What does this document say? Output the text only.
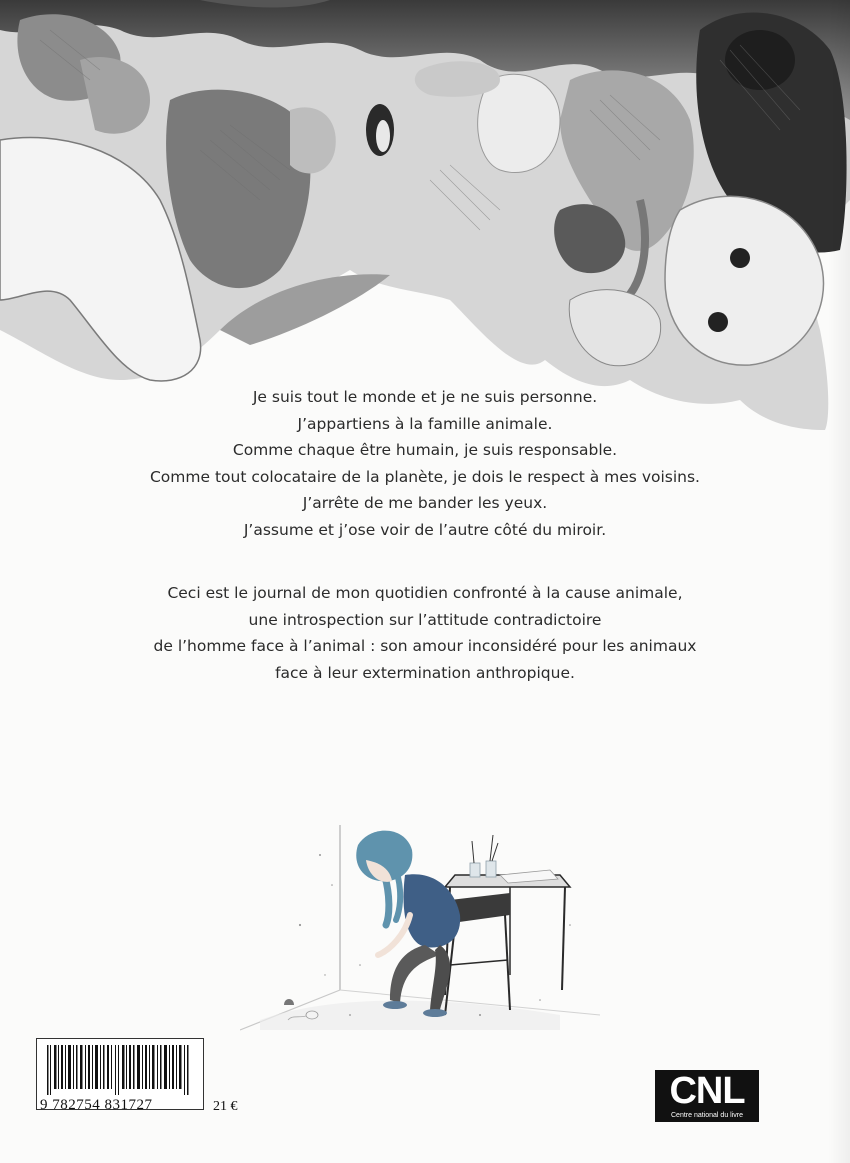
Je suis tout le monde et je ne suis personne.

J’appartiens à la famille animale.

Comme chaque être humain, je suis responsable.

Comme tout colocataire de la planète, je dois le respect à mes voisins.

J’arrête de me bander les yeux.

J’assume et j’ose voir de l’autre côté du miroir.

Ceci est le journal de mon quotidien confronté à la cause animale,

une introspection sur l’attitude contradictoire

de l’homme face à l’animal : son amour inconsidéré pour les animaux

face à leur extermination anthropique.

9 782754 831727	21 €	CNL
Centre national du livre
